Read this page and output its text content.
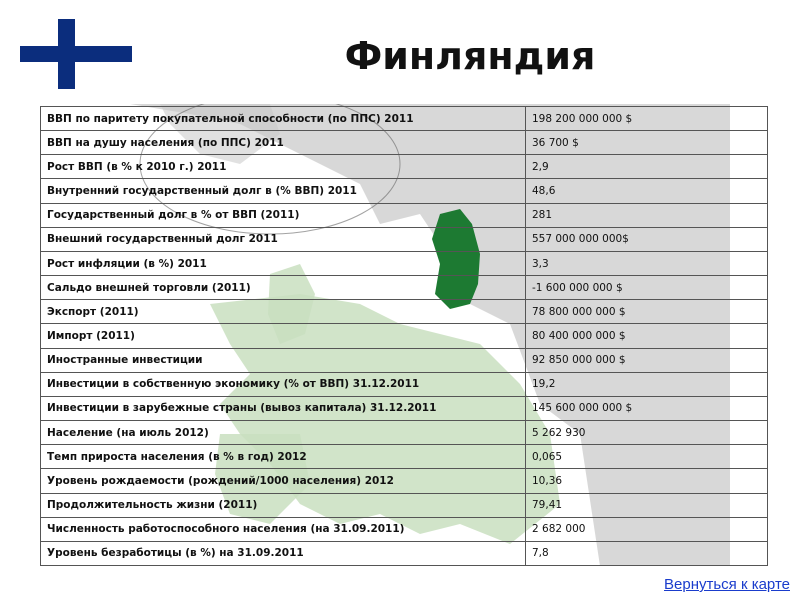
Финляндия
ВВП по паритету покупательной способности (по ППС) 2011	198 200 000 000 $
ВВП на душу населения (по ППС) 2011	36 700 $
Рост ВВП (в % к 2010 г.) 2011	2,9
Внутренний государственный долг в (% ВВП) 2011	48,6
Государственный долг в % от ВВП (2011)	281
Внешний государственный долг 2011	557 000 000 000$
Рост инфляции (в %) 2011	3,3
Сальдо внешней торговли (2011)	-1 600 000 000 $
Экспорт (2011)	78 800 000 000 $
Импорт (2011)	80 400 000 000 $
Иностранные инвестиции	92 850 000 000 $
Инвестиции в собственную экономику (% от ВВП) 31.12.2011	19,2
Инвестиции в зарубежные страны (вывоз капитала) 31.12.2011	145 600 000 000 $
Население (на июль 2012)	5 262 930
Темп прироста населения (в % в год) 2012	0,065
Уровень рождаемости (рождений/1000 населения) 2012	10,36
Продолжительность жизни (2011)	79,41
Численность работоспособного населения (на 31.09.2011)	2 682 000
Уровень безработицы (в %) на 31.09.2011	7,8
Вернуться к карте
